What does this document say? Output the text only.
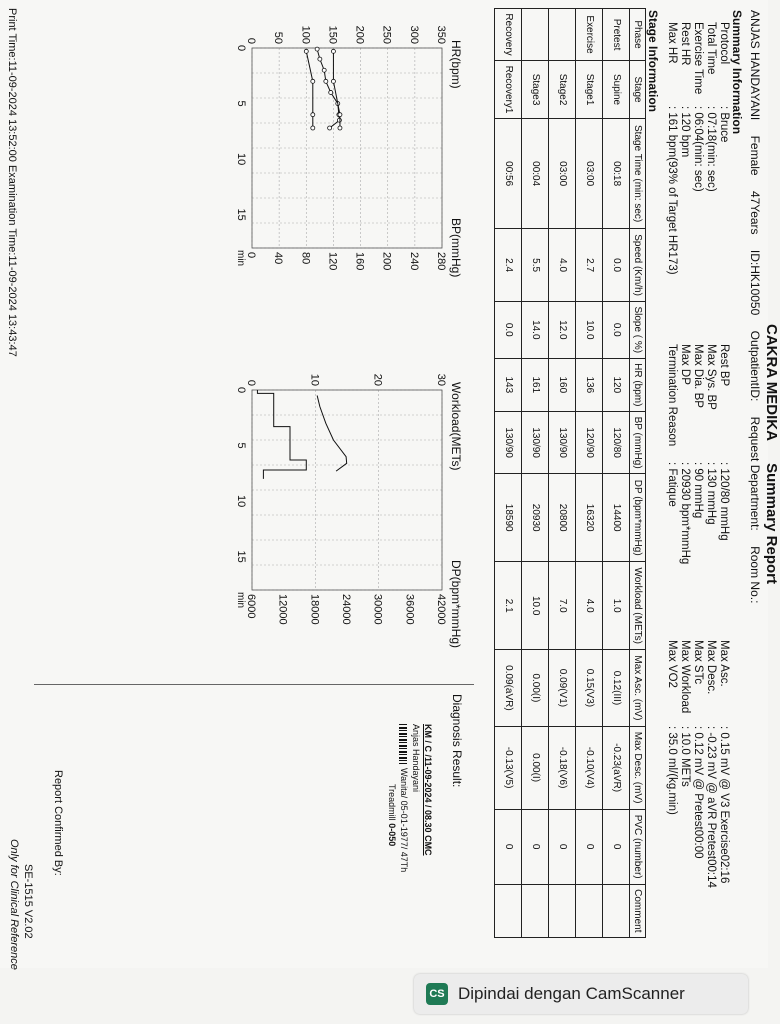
ANJAS HANDAYANI Female 47Years ID:HK10050 OutpatientID: Request Department: Room No.:
CAKRA MEDIKA Summary Report
Summary Information
Protocol
: Bruce
Total Time
: 07:18(min: sec)
Exercise Time
: 06:04(min: sec)
Rest HR
: 120 bpm
Max HR
: 161 bpm(93% of Target HR173)
Rest BP
: 120/80 mmHg
Max Sys. BP
: 130 mmHg
Max Dia. BP
: 90 mmHg
Max DP
: 20930 bpm*mmHg
Termination Reason
: Fatique
Max Asc.
: 0.15 mV @ V3 Exercise02:16
Max Desc.
: -0.23 mV @ aVR Pretest00:14
Max STc
: 0.12 mV @ Pretest00:00
Max Workload
: 10.0 METs
Max VO2
: 35.0 ml/(kg.min)
Stage Information
Phase	Stage	Stage Time (min: sec)	Speed (Km/h)	Slope ( %)	HR (bpm)	BP (mmHg)	DP (bpm*mmHg)	Workload (METs)	Max Asc. (mV)	Max Desc. (mV)	PVC (number)	Comment
Pretest	Supine	00:18	0.0	0.0	120	120/80	14400	1.0	0.12(III)	-0.23(aVR)	0	
Exercise	Stage1	03:00	2.7	10.0	136	120/90	16320	4.0	0.15(V3)	-0.10(V4)	0	
	Stage2	03:00	4.0	12.0	160	130/90	20800	7.0	0.09(V1)	-0.18(V6)	0	
	Stage3	00:04	5.5	14.0	161	130/90	20930	10.0	0.00(I)	0.00(I)	0	
Recovery	Recovery1	00:56	2.4	0.0	143	130/90	18590	2.1	0.09(aVR)	-0.13(V5)	0	
HR(bpm)
BP(mmHg)
0 50 100 150 200 250 300 350
0 40 80 120 160 200 240 280
0
5
10
15
min
Workload(METs)
DP(bpm*mmHg)
0	10	20	30
6000 12000 18000 24000 30000 36000 42000
0
5
10
15
min
Diagnosis Result:
KM / C /11-09-2024 / 08.30 CMC
Anjas Handayani
Wanita/ 05-01-1977/ 47Th
Treadmill 0-050
Print Time:11-09-2024 13:52:00 Examination Time:11-09-2024 13:43:47
Report Confirmed By:
SE-1515 V2.02
Only for Clinical Reference
CS Dipindai dengan CamScanner
